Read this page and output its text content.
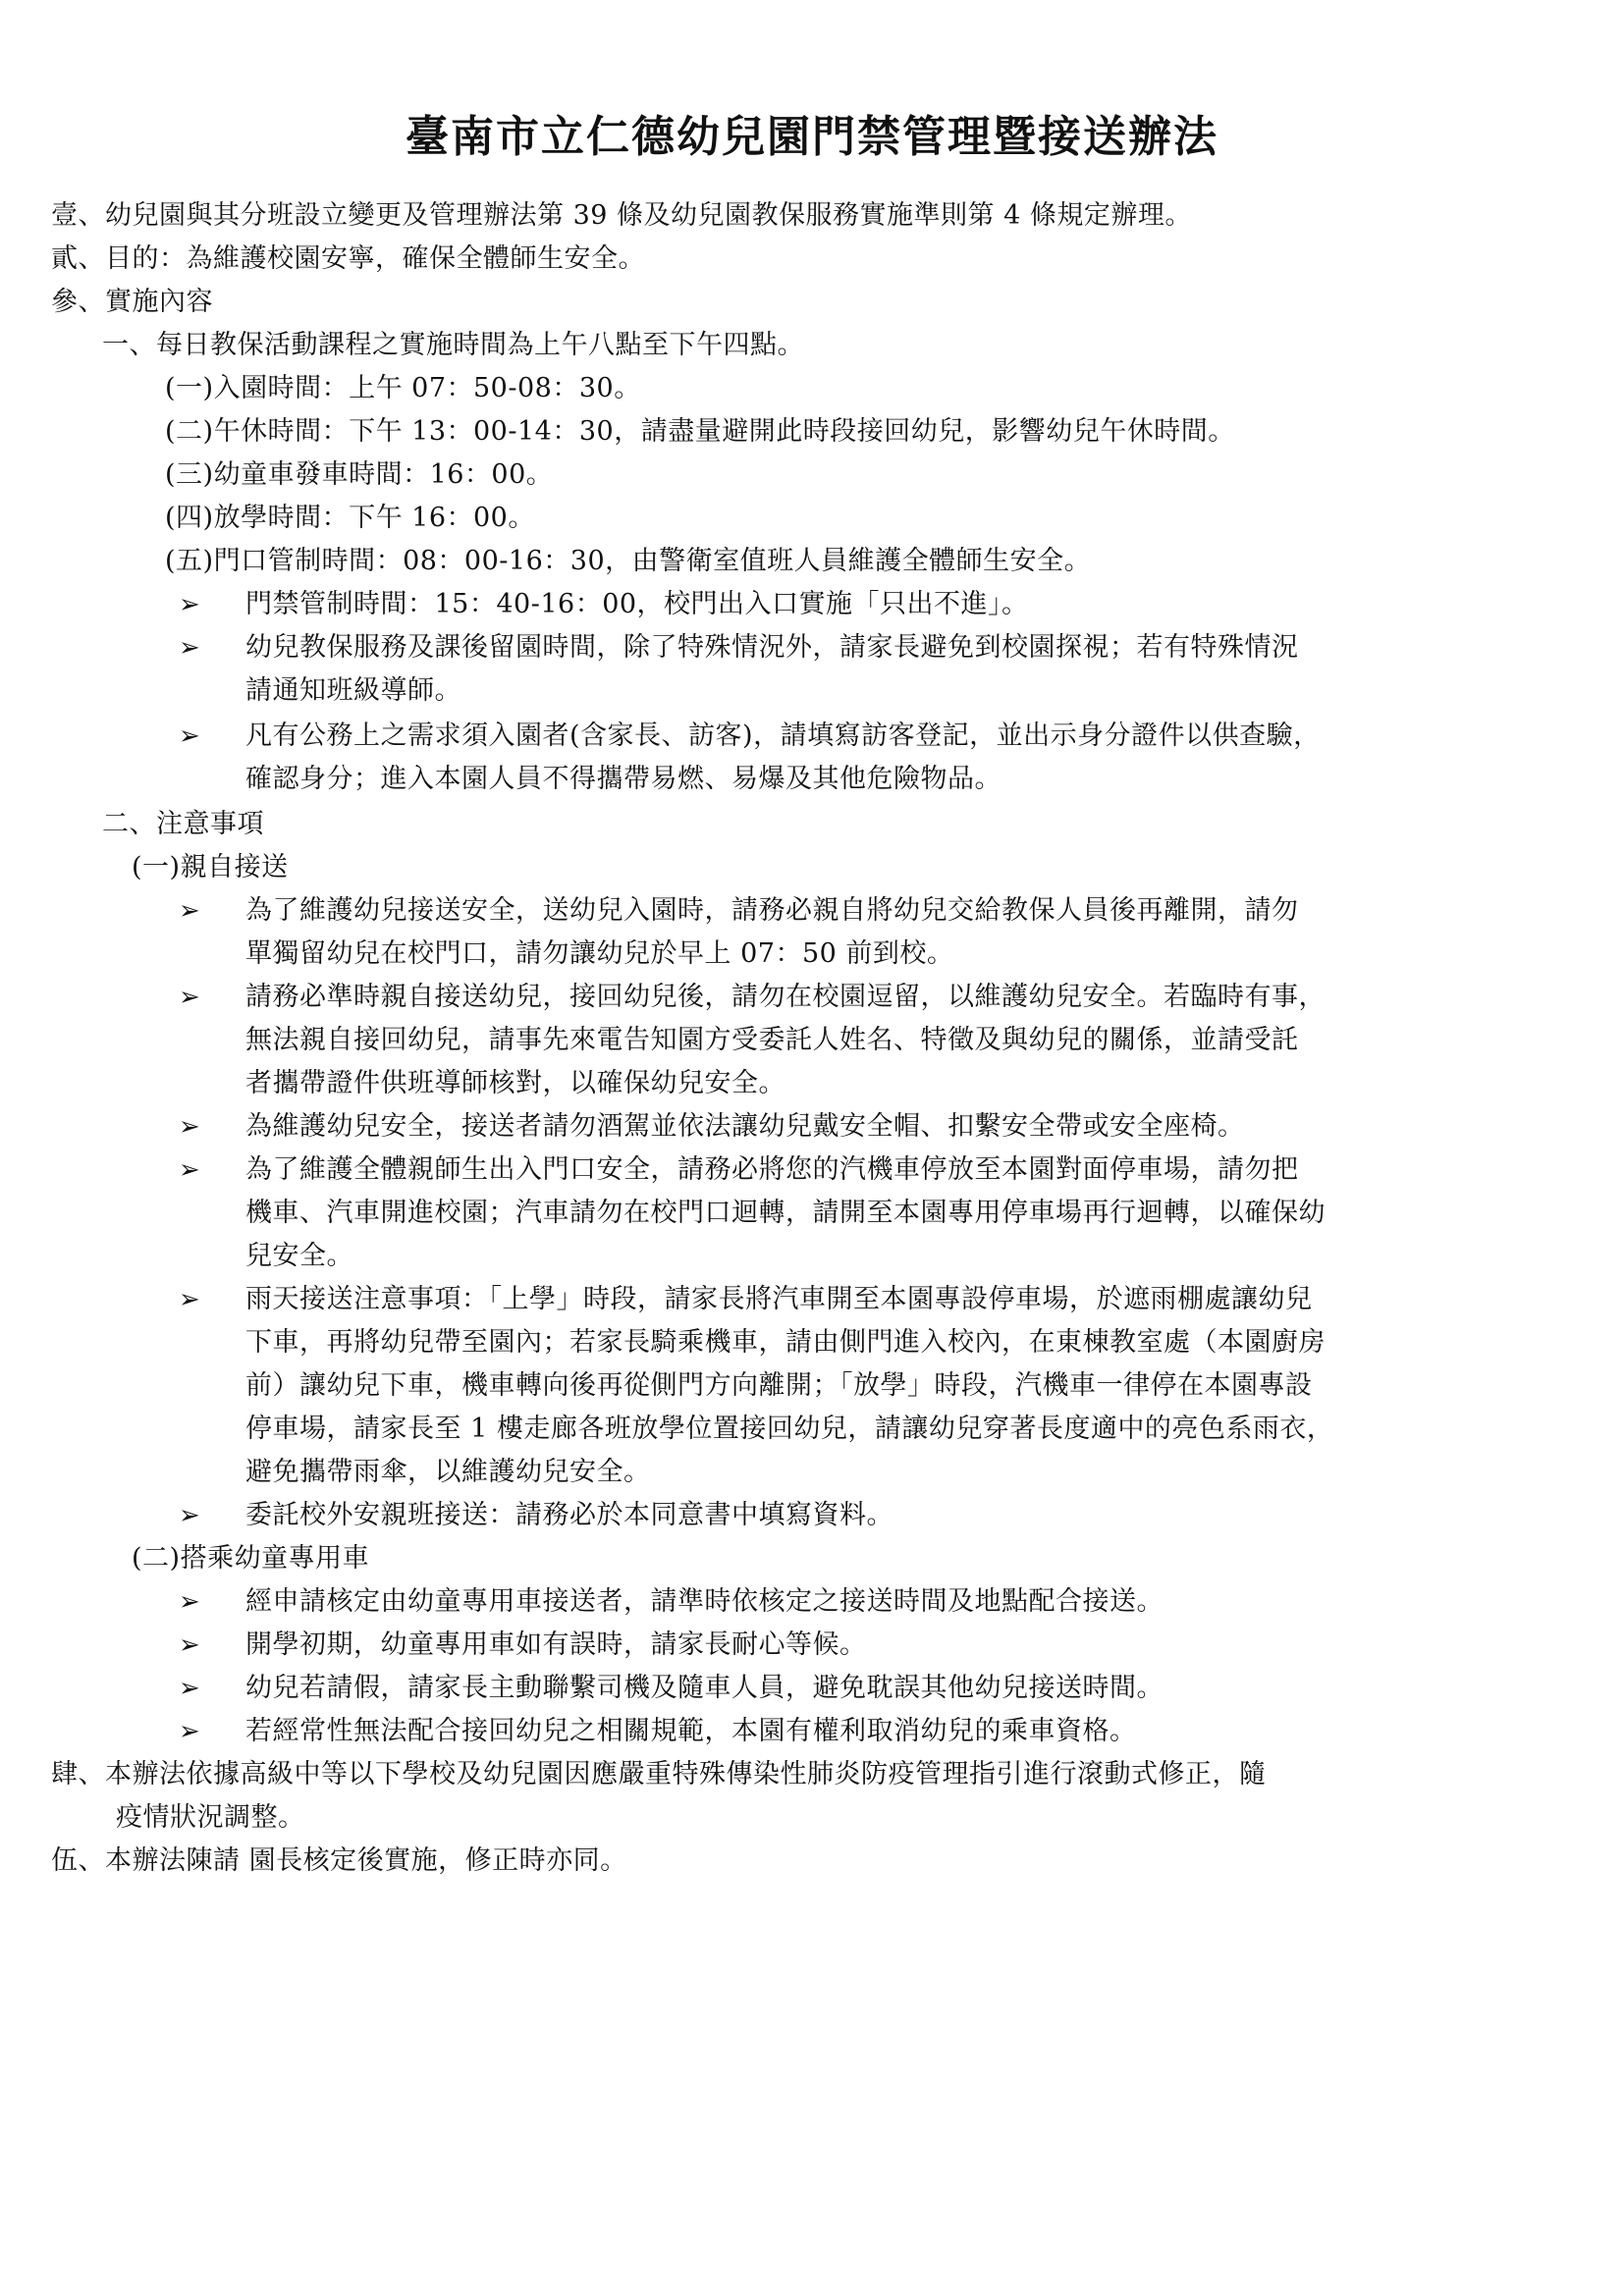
臺南市立仁德幼兒園門禁管理暨接送辦法
壹、幼兒園與其分班設立變更及管理辦法第 39 條及幼兒園教保服務實施準則第 4 條規定辦理。
貳、目的：為維護校園安寧，確保全體師生安全。
參、實施內容
一、每日教保活動課程之實施時間為上午八點至下午四點。
(一)入園時間：上午 07：50-08：30。
(二)午休時間：下午 13：00-14：30，請盡量避開此時段接回幼兒，影響幼兒午休時間。
(三)幼童車發車時間：16：00。
(四)放學時間：下午 16：00。
(五)門口管制時間：08：00-16：30，由警衛室值班人員維護全體師生安全。
➢ 門禁管制時間：15：40-16：00，校門出入口實施「只出不進」。
➢ 幼兒教保服務及課後留園時間，除了特殊情況外，請家長避免到校園探視；若有特殊情況
請通知班級導師。
➢ 凡有公務上之需求須入園者(含家長、訪客)，請填寫訪客登記，並出示身分證件以供查驗，
確認身分；進入本園人員不得攜帶易燃、易爆及其他危險物品。
二、注意事項
(一)親自接送
➢ 為了維護幼兒接送安全，送幼兒入園時，請務必親自將幼兒交給教保人員後再離開，請勿
單獨留幼兒在校門口，請勿讓幼兒於早上 07：50 前到校。
➢ 請務必準時親自接送幼兒，接回幼兒後，請勿在校園逗留，以維護幼兒安全。若臨時有事，
無法親自接回幼兒，請事先來電告知園方受委託人姓名、特徵及與幼兒的關係，並請受託
者攜帶證件供班導師核對，以確保幼兒安全。
➢ 為維護幼兒安全，接送者請勿酒駕並依法讓幼兒戴安全帽、扣繫安全帶或安全座椅。
➢ 為了維護全體親師生出入門口安全，請務必將您的汽機車停放至本園對面停車場，請勿把
機車、汽車開進校園；汽車請勿在校門口迴轉，請開至本園專用停車場再行迴轉，以確保幼
兒安全。
➢ 雨天接送注意事項：「上學」時段，請家長將汽車開至本園專設停車場，於遮雨棚處讓幼兒
下車，再將幼兒帶至園內；若家長騎乘機車，請由側門進入校內，在東棟教室處（本園廚房
前）讓幼兒下車，機車轉向後再從側門方向離開；「放學」時段，汽機車一律停在本園專設
停車場，請家長至 1 樓走廊各班放學位置接回幼兒，請讓幼兒穿著長度適中的亮色系雨衣，
避免攜帶雨傘，以維護幼兒安全。
➢ 委託校外安親班接送：請務必於本同意書中填寫資料。
(二)搭乘幼童專用車
➢ 經申請核定由幼童專用車接送者，請準時依核定之接送時間及地點配合接送。
➢ 開學初期，幼童專用車如有誤時，請家長耐心等候。
➢ 幼兒若請假，請家長主動聯繫司機及隨車人員，避免耽誤其他幼兒接送時間。
➢ 若經常性無法配合接回幼兒之相關規範，本園有權利取消幼兒的乘車資格。
肆、本辦法依據高級中等以下學校及幼兒園因應嚴重特殊傳染性肺炎防疫管理指引進行滾動式修正，隨
疫情狀況調整。
伍、本辦法陳請 園長核定後實施，修正時亦同。
